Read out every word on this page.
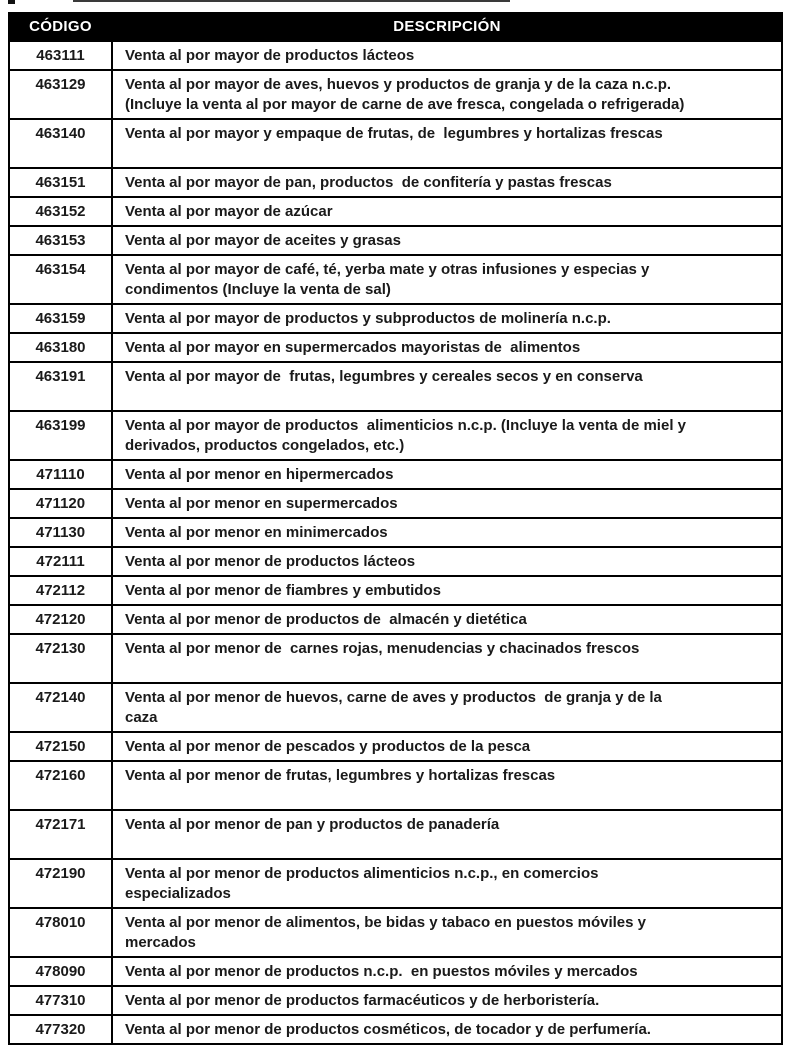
CÓDIGO	DESCRIPCIÓN
463111	Venta al por mayor de productos lácteos

463129	Venta al por mayor de aves, huevos y productos de granja y de la caza n.c.p.
(Incluye la venta al por mayor de carne de ave fresca, congelada o refrigerada)

463140	Venta al por mayor y empaque de frutas, de  legumbres y hortalizas frescas

463151	Venta al por mayor de pan, productos  de confitería y pastas frescas

463152	Venta al por mayor de azúcar

463153	Venta al por mayor de aceites y grasas

463154	Venta al por mayor de café, té, yerba mate y otras infusiones y especias y
condimentos (Incluye la venta de sal)

463159	Venta al por mayor de productos y subproductos de molinería n.c.p.

463180	Venta al por mayor en supermercados mayoristas de  alimentos

463191	Venta al por mayor de  frutas, legumbres y cereales secos y en conserva

463199	Venta al por mayor de productos  alimenticios n.c.p. (Incluye la venta de miel y
derivados, productos congelados, etc.)

471110	Venta al por menor en hipermercados

471120	Venta al por menor en supermercados

471130	Venta al por menor en minimercados

472111	Venta al por menor de productos lácteos

472112	Venta al por menor de fiambres y embutidos

472120	Venta al por menor de productos de  almacén y dietética

472130	Venta al por menor de  carnes rojas, menudencias y chacinados frescos

472140	Venta al por menor de huevos, carne de aves y productos  de granja y de la
caza

472150	Venta al por menor de pescados y productos de la pesca

472160	Venta al por menor de frutas, legumbres y hortalizas frescas

472171	Venta al por menor de pan y productos de panadería

472190	Venta al por menor de productos alimenticios n.c.p., en comercios
especializados

478010	Venta al por menor de alimentos, be bidas y tabaco en puestos móviles y
mercados

478090	Venta al por menor de productos n.c.p.  en puestos móviles y mercados

477310	Venta al por menor de productos farmacéuticos y de herboristería.

477320	Venta al por menor de productos cosméticos, de tocador y de perfumería.
